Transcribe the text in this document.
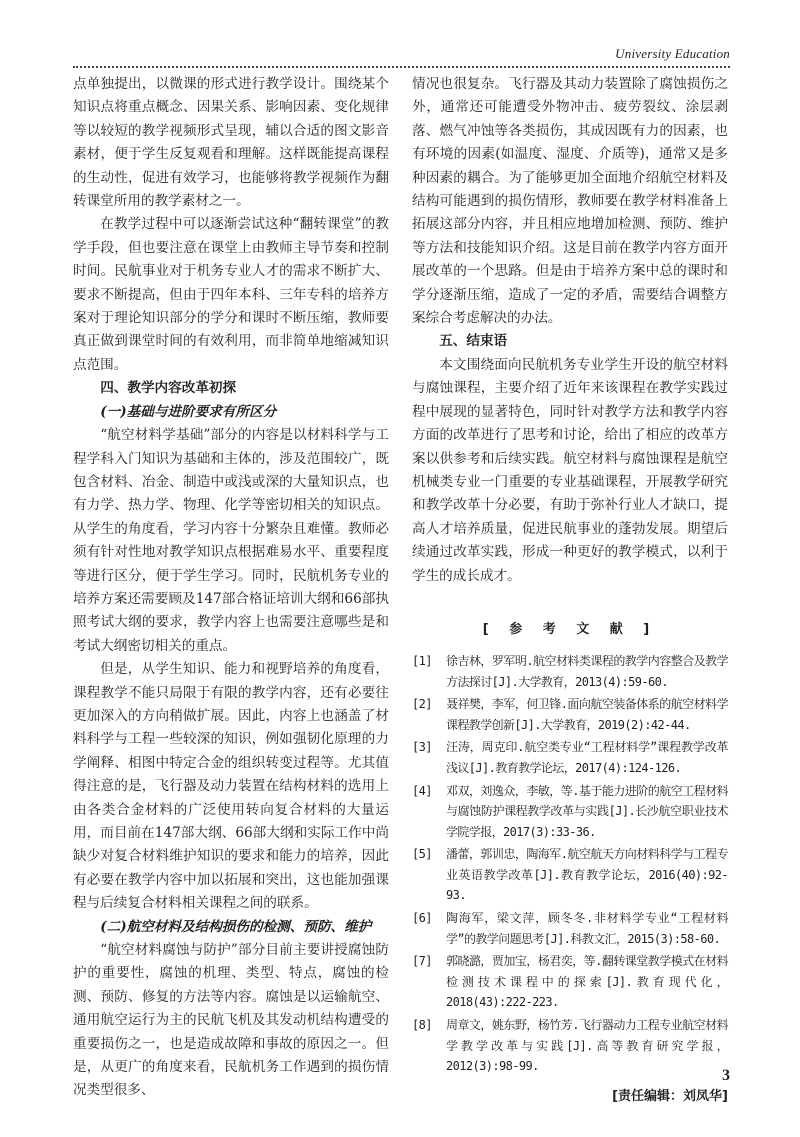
University Education

点单独提出，以微课的形式进行教学设计。围绕某个知识点将重点概念、因果关系、影响因素、变化规律等以较短的教学视频形式呈现，辅以合适的图文影音素材，便于学生反复观看和理解。这样既能提高课程的生动性，促进有效学习，也能够将教学视频作为翻转课堂所用的教学素材之一。

在教学过程中可以逐渐尝试这种“翻转课堂”的教学手段，但也要注意在课堂上由教师主导节奏和控制时间。民航事业对于机务专业人才的需求不断扩大、要求不断提高，但由于四年本科、三年专科的培养方案对于理论知识部分的学分和课时不断压缩，教师要真正做到课堂时间的有效利用，而非简单地缩减知识点范围。

四、教学内容改革初探

(一)基础与进阶要求有所区分

“航空材料学基础”部分的内容是以材料科学与工程学科入门知识为基础和主体的，涉及范围较广，既包含材料、冶金、制造中或浅或深的大量知识点，也有力学、热力学、物理、化学等密切相关的知识点。从学生的角度看，学习内容十分繁杂且难懂。教师必须有针对性地对教学知识点根据难易水平、重要程度等进行区分，便于学生学习。同时，民航机务专业的培养方案还需要顾及147部合格证培训大纲和66部执照考试大纲的要求，教学内容上也需要注意哪些是和考试大纲密切相关的重点。

但是，从学生知识、能力和视野培养的角度看，课程教学不能只局限于有限的教学内容，还有必要往更加深入的方向稍做扩展。因此，内容上也涵盖了材料科学与工程一些较深的知识，例如强韧化原理的力学阐释、相图中特定合金的组织转变过程等。尤其值得注意的是，飞行器及动力装置在结构材料的选用上由各类合金材料的广泛使用转向复合材料的大量运用，而目前在147部大纲、66部大纲和实际工作中尚缺少对复合材料维护知识的要求和能力的培养，因此有必要在教学内容中加以拓展和突出，这也能加强课程与后续复合材料相关课程之间的联系。

(二)航空材料及结构损伤的检测、预防、维护

“航空材料腐蚀与防护”部分目前主要讲授腐蚀防护的重要性，腐蚀的机理、类型、特点，腐蚀的检测、预防、修复的方法等内容。腐蚀是以运输航空、通用航空运行为主的民航飞机及其发动机结构遭受的重要损伤之一，也是造成故障和事故的原因之一。但是，从更广的角度来看，民航机务工作遇到的损伤情况类型很多、

情况也很复杂。飞行器及其动力装置除了腐蚀损伤之外，通常还可能遭受外物冲击、疲劳裂纹、涂层剥落、燃气冲蚀等各类损伤，其成因既有力的因素，也有环境的因素(如温度、湿度、介质等)，通常又是多种因素的耦合。为了能够更加全面地介绍航空材料及结构可能遇到的损伤情形，教师要在教学材料准备上拓展这部分内容，并且相应地增加检测、预防、维护等方法和技能知识介绍。这是目前在教学内容方面开展改革的一个思路。但是由于培养方案中总的课时和学分逐渐压缩，造成了一定的矛盾，需要结合调整方案综合考虑解决的办法。

五、结束语

本文围绕面向民航机务专业学生开设的航空材料与腐蚀课程，主要介绍了近年来该课程在教学实践过程中展现的显著特色，同时针对教学方法和教学内容方面的改革进行了思考和讨论，给出了相应的改革方案以供参考和后续实践。航空材料与腐蚀课程是航空机械类专业一门重要的专业基础课程，开展教学研究和教学改革十分必要，有助于弥补行业人才缺口，提高人才培养质量，促进民航事业的蓬勃发展。期望后续通过改革实践，形成一种更好的教学模式，以利于学生的成长成才。

[ 参 考 文 献 ]
[1] 徐吉林，罗军明.航空材料类课程的教学内容整合及教学方法探讨[J].大学教育，2013(4):59-60.
[2] 聂祥樊，李军，何卫锋.面向航空装备体系的航空材料学课程教学创新[J].大学教育，2019(2):42-44.
[3] 汪涛，周克印.航空类专业“工程材料学”课程教学改革浅议[J].教育教学论坛，2017(4):124-126.
[4] 邓双，刘逸众，李敏，等.基于能力进阶的航空工程材料与腐蚀防护课程教学改革与实践[J].长沙航空职业技术学院学报，2017(3):33-36.
[5] 潘蕾，郭训忠，陶海军.航空航天方向材料科学与工程专业英语教学改革[J].教育教学论坛，2016(40):92-93.
[6] 陶海军，梁文萍，顾冬冬.非材料学专业“工程材料学”的教学问题思考[J].科教文汇，2015(3):58-60.
[7] 郭晓潞，贾加宝，杨君奕，等.翻转课堂教学模式在材料检测技术课程中的探索[J].教育现代化，2018(43):222-223.
[8] 周章文，姚东野，杨竹芳.飞行器动力工程专业航空材料学教学改革与实践[J].高等教育研究学报，2012(3):98-99.
[责任编辑：刘凤华]
3
